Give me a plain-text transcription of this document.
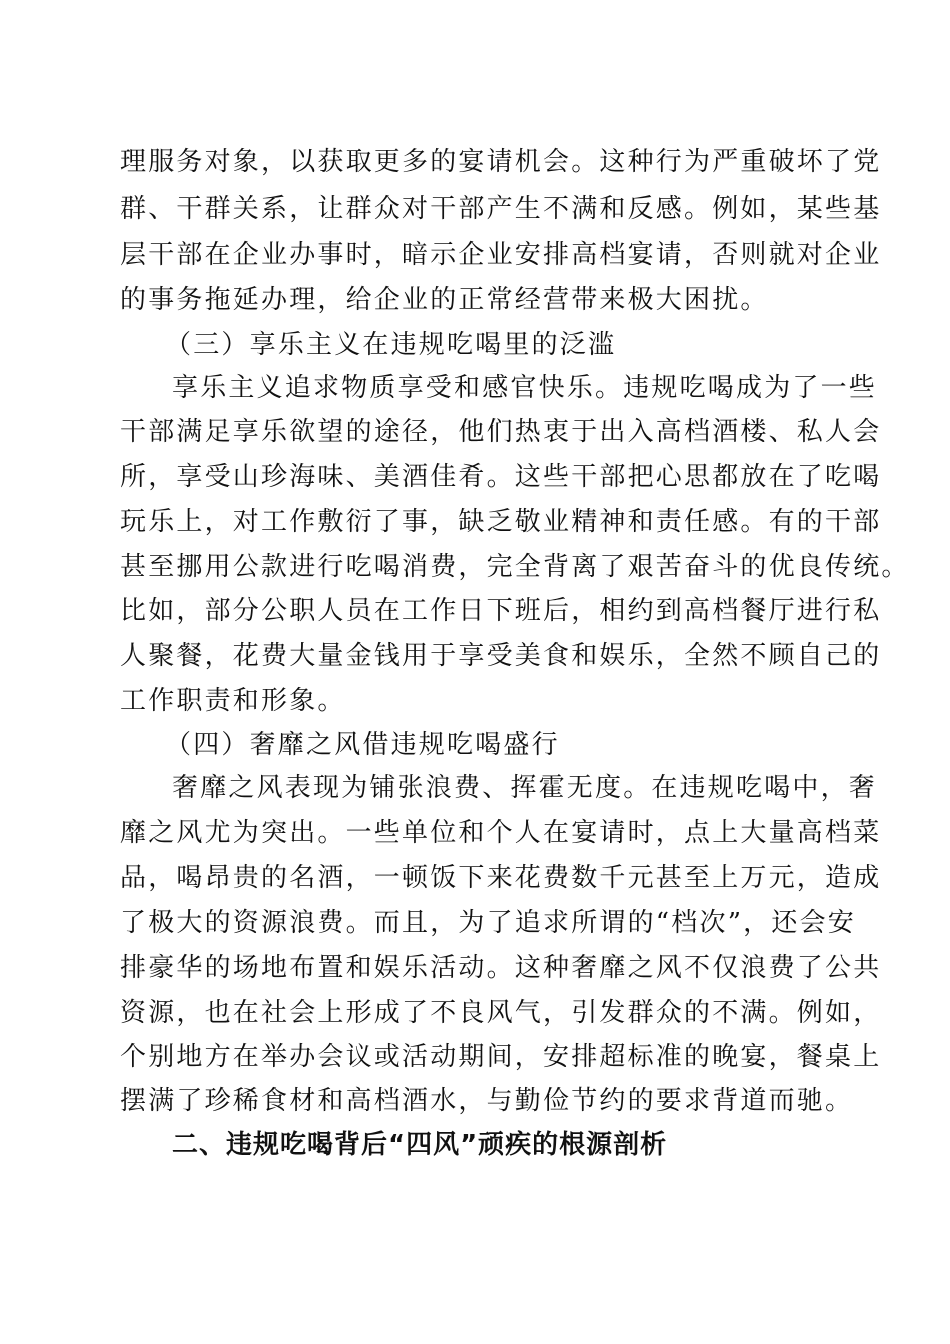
理服务对象，以获取更多的宴请机会。这种行为严重破坏了党
群、干群关系，让群众对干部产生不满和反感。例如，某些基
层干部在企业办事时，暗示企业安排高档宴请，否则就对企业
的事务拖延办理，给企业的正常经营带来极大困扰。
（三）享乐主义在违规吃喝里的泛滥
享乐主义追求物质享受和感官快乐。违规吃喝成为了一些
干部满足享乐欲望的途径，他们热衷于出入高档酒楼、私人会
所，享受山珍海味、美酒佳肴。这些干部把心思都放在了吃喝
玩乐上，对工作敷衍了事，缺乏敬业精神和责任感。有的干部
甚至挪用公款进行吃喝消费，完全背离了艰苦奋斗的优良传统。
比如，部分公职人员在工作日下班后，相约到高档餐厅进行私
人聚餐，花费大量金钱用于享受美食和娱乐，全然不顾自己的
工作职责和形象。
（四）奢靡之风借违规吃喝盛行
奢靡之风表现为铺张浪费、挥霍无度。在违规吃喝中，奢
靡之风尤为突出。一些单位和个人在宴请时，点上大量高档菜
品，喝昂贵的名酒，一顿饭下来花费数千元甚至上万元，造成
了极大的资源浪费。而且，为了追求所谓的“档次”，还会安
排豪华的场地布置和娱乐活动。这种奢靡之风不仅浪费了公共
资源，也在社会上形成了不良风气，引发群众的不满。例如，
个别地方在举办会议或活动期间，安排超标准的晚宴，餐桌上
摆满了珍稀食材和高档酒水，与勤俭节约的要求背道而驰。
二、违规吃喝背后“四风”顽疾的根源剖析
